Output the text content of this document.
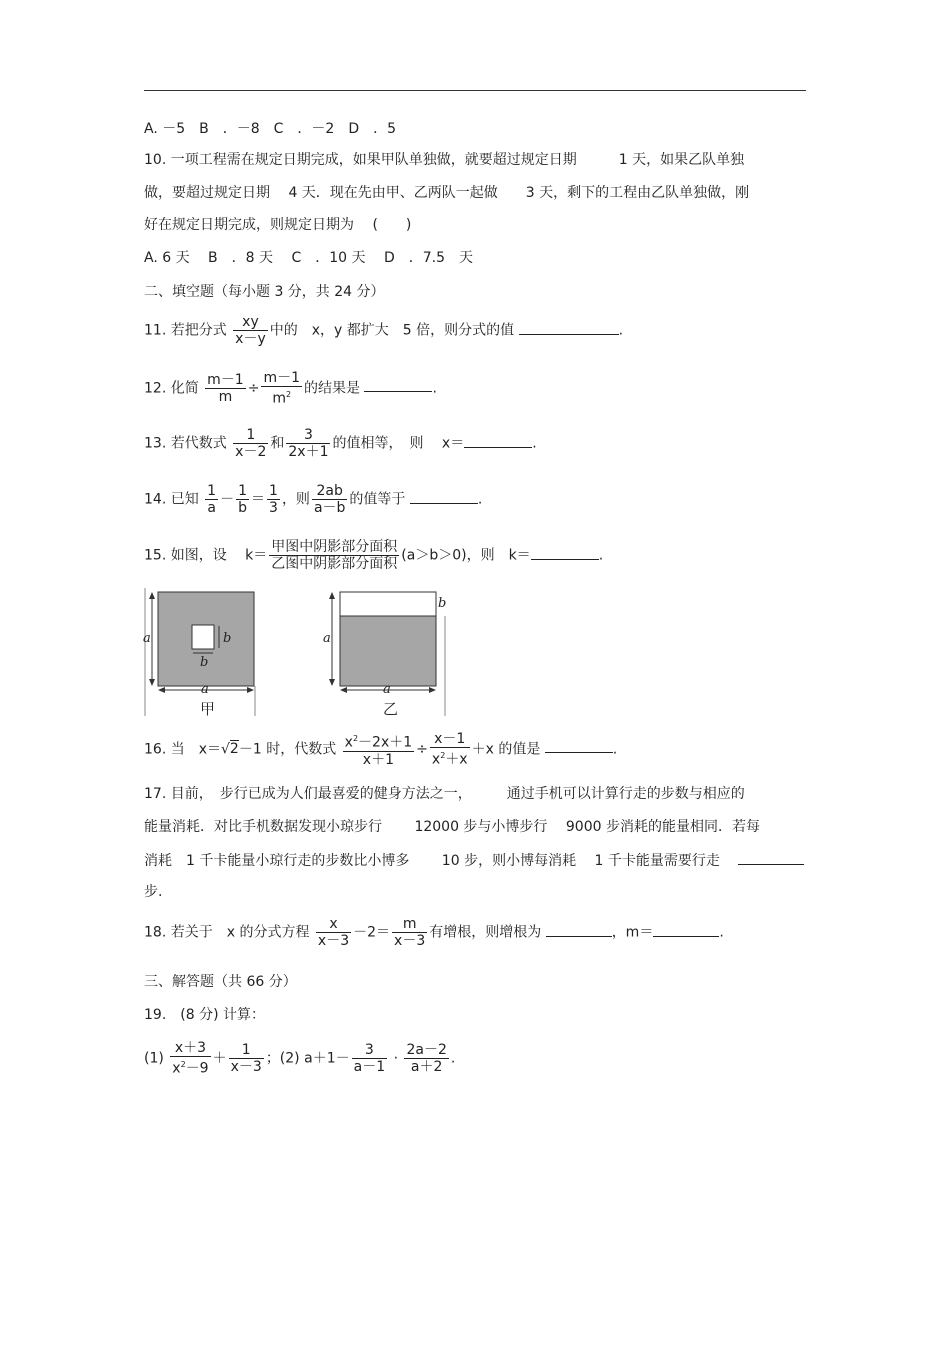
A. －5　B　．－8　C　．－2　D　．5
10. 一项工程需在规定日期完成，如果甲队单独做，就要超过规定日期　　　1 天，如果乙队单独
做，要超过规定日期　 4 天．现在先由甲、乙两队一起做　　3 天，剩下的工程由乙队单独做，刚
好在规定日期完成，则规定日期为　 (　　)
A. 6 天　 B　．8 天　 C　．10 天　 D　．7.5　天
二、填空题（每小题 3 分，共 24 分）
11. 若把分式 $\frac{xy}{x-y}$ 中的　x，y 都扩大　5 倍，则分式的值	.
12. 化简 $\frac{m-1}{m} \div \frac{m-1}{m^2}$ 的结果是	.
13. 若代数式 $\frac{1}{x-2}$ 和 $\frac{3}{2x+1}$ 的值相等，　则　 x＝	.
14. 已知 $\frac{1}{a} - \frac{1}{b} = \frac{1}{3}$ ，则 $\frac{2ab}{a-b}$ 的值等于	.
15. 如图，设　 $k= \frac{\text{甲图中阴影部分面积}}{\text{乙图中阴影部分面积}} (a>b>0)$，则　k＝	.
a
a
b
b
甲
a
a
b
乙
16. 当　x＝√2－1 时，代数式 $\frac{x^2-2x+1}{x+1} \div \frac{x-1}{x^2+x} +x$ 的值是	.
17. 目前，　步行已成为人们最喜爱的健身方法之一，　　　通过手机可以计算行走的步数与相应的
能量消耗．对比手机数据发现小琼步行　　 12000 步与小博步行　 9000 步消耗的能量相同．若每
消耗　1 千卡能量小琼行走的步数比小博多　　 10 步，则小博每消耗　 1 千卡能量需要行走
步.
18. 若关于　x 的分式方程 $\frac{x}{x-3} -2= \frac{m}{x-3}$ 有增根，则增根为	，m＝	.
三、解答题（共 66 分）
19.　(8 分) 计算：
$(1) \frac{x+3}{x^2-9} + \frac{1}{x-3}$ ；(2) $a+1- \frac{3}{a-1} \cdot \frac{2a-2}{a+2}$ .
